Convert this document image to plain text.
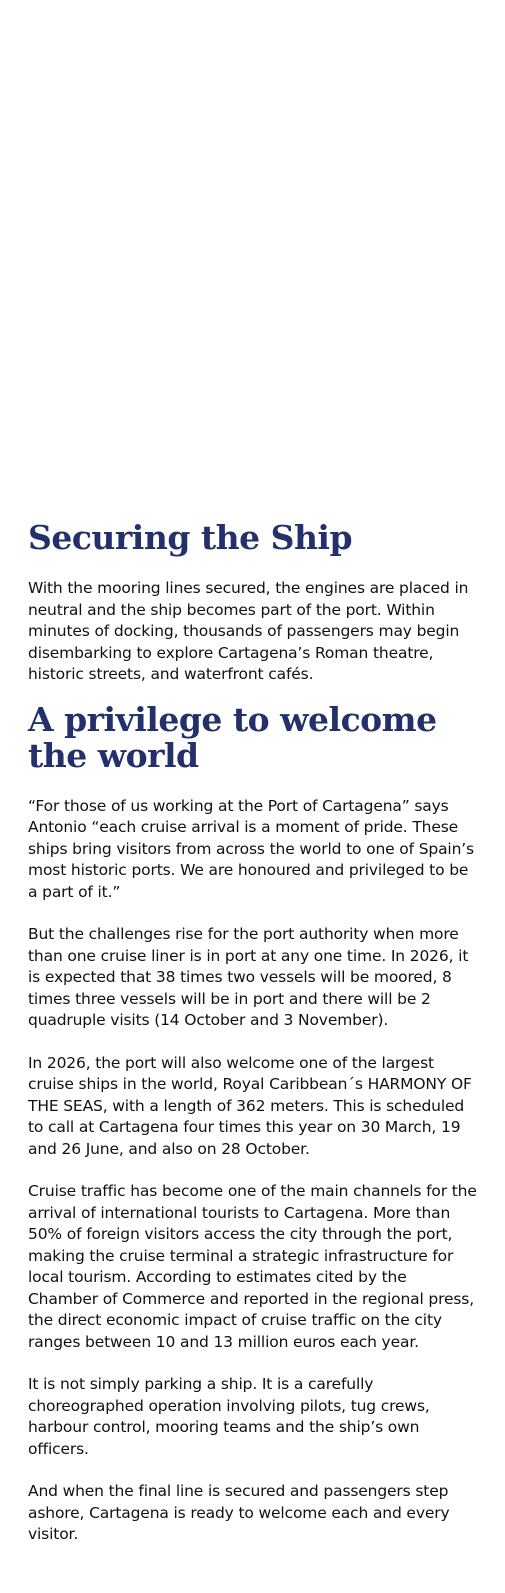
Securing the Ship

With the mooring lines secured, the engines are placed in neutral and the ship becomes part of the port. Within minutes of docking, thousands of passengers may begin disembarking to explore Cartagena’s Roman theatre, historic streets, and waterfront cafés.

A privilege to welcome
the world

“For those of us working at the Port of Cartagena” says Antonio “each cruise arrival is a moment of pride. These ships bring visitors from across the world to one of Spain’s most historic ports. We are honoured and privileged to be a part of it.”

But the challenges rise for the port authority when more than one cruise liner is in port at any one time. In 2026, it is expected that 38 times two vessels will be moored, 8 times three vessels will be in port and there will be 2 quadruple visits (14 October and 3 November).

In 2026, the port will also welcome one of the largest cruise ships in the world, Royal Caribbean´s HARMONY OF THE SEAS, with a length of 362 meters. This is scheduled to call at Cartagena four times this year on 30 March, 19 and 26 June, and also on 28 October.

Cruise traffic has become one of the main channels for the arrival of international tourists to Cartagena. More than 50% of foreign visitors access the city through the port, making the cruise terminal a strategic infrastructure for local tourism. According to estimates cited by the Chamber of Commerce and reported in the regional press, the direct economic impact of cruise traffic on the city ranges between 10 and 13 million euros each year.

It is not simply parking a ship. It is a carefully choreographed operation involving pilots, tug crews, harbour control, mooring teams and the ship’s own officers.

And when the final line is secured and passengers step ashore, Cartagena is ready to welcome each and every visitor.
